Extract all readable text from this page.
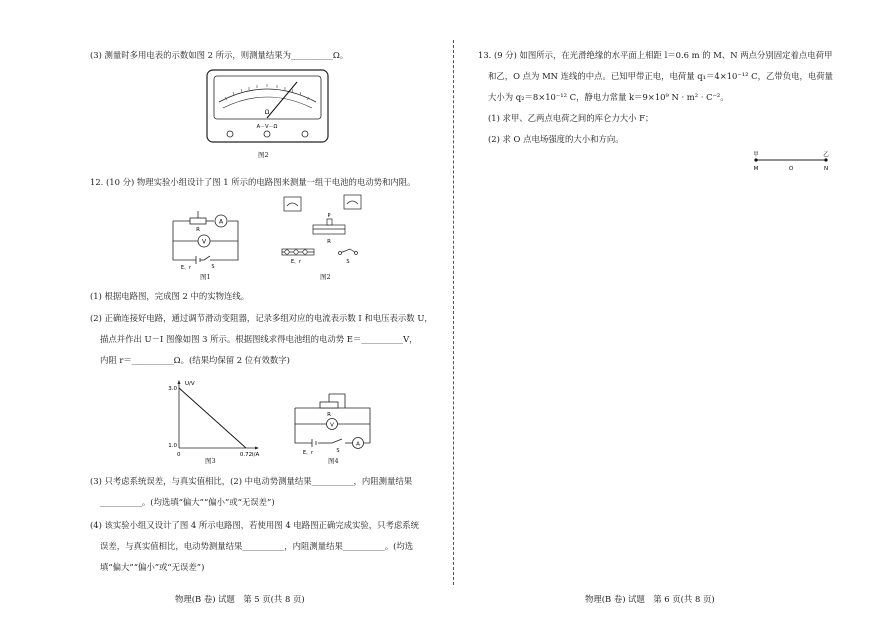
(3) 测量时多用电表的示数如图 2 所示，则测量结果为__________Ω。
Ω
A－V－Ω
图2
12. (10 分) 物理实验小组设计了图 1 所示的电路图来测量一组干电池的电动势和内阻。
A
V
R
E、r	S
图1
P
R
E、r	S
图2
(1) 根据电路图，完成图 2 中的实物连线。
(2) 正确连接好电路，通过调节滑动变阻器，记录多组对应的电流表示数 I 和电压表示数 U，
描点并作出 U－I 图像如图 3 所示。根据图线求得电池组的电动势 E＝__________V，
内阻 r＝__________Ω。(结果均保留 2 位有效数字)
U/V
I/A
3.0
1.0
0	0.72
图3
R
V
A
E、r	S
图4
(3) 只考虑系统误差，与真实值相比，(2) 中电动势测量结果__________，内阻测量结果
__________。(均选填“偏大”“偏小”或“无误差”)
(4) 该实验小组又设计了图 4 所示电路图，若使用图 4 电路图正确完成实验，只考虑系统
误差，与真实值相比，电动势测量结果__________，内阻测量结果__________。(均选
填“偏大”“偏小”或“无误差”)
物理(B 卷) 试题　第 5 页(共 8 页)
13. (9 分) 如图所示，在光滑绝缘的水平面上相距 l＝0.6 m 的 M、N 两点分别固定着点电荷甲
和乙，O 点为 MN 连线的中点。已知甲带正电，电荷量 q₁＝4×10⁻¹² C，乙带负电，电荷量
大小为 q₂＝8×10⁻¹² C，静电力常量 k＝9×10⁹ N · m² · C⁻²。
(1) 求甲、乙两点电荷之间的库仑力大小 F；
(2) 求 O 点电场强度的大小和方向。
甲	乙
M	O	N
物理(B 卷) 试题　第 6 页(共 8 页)
